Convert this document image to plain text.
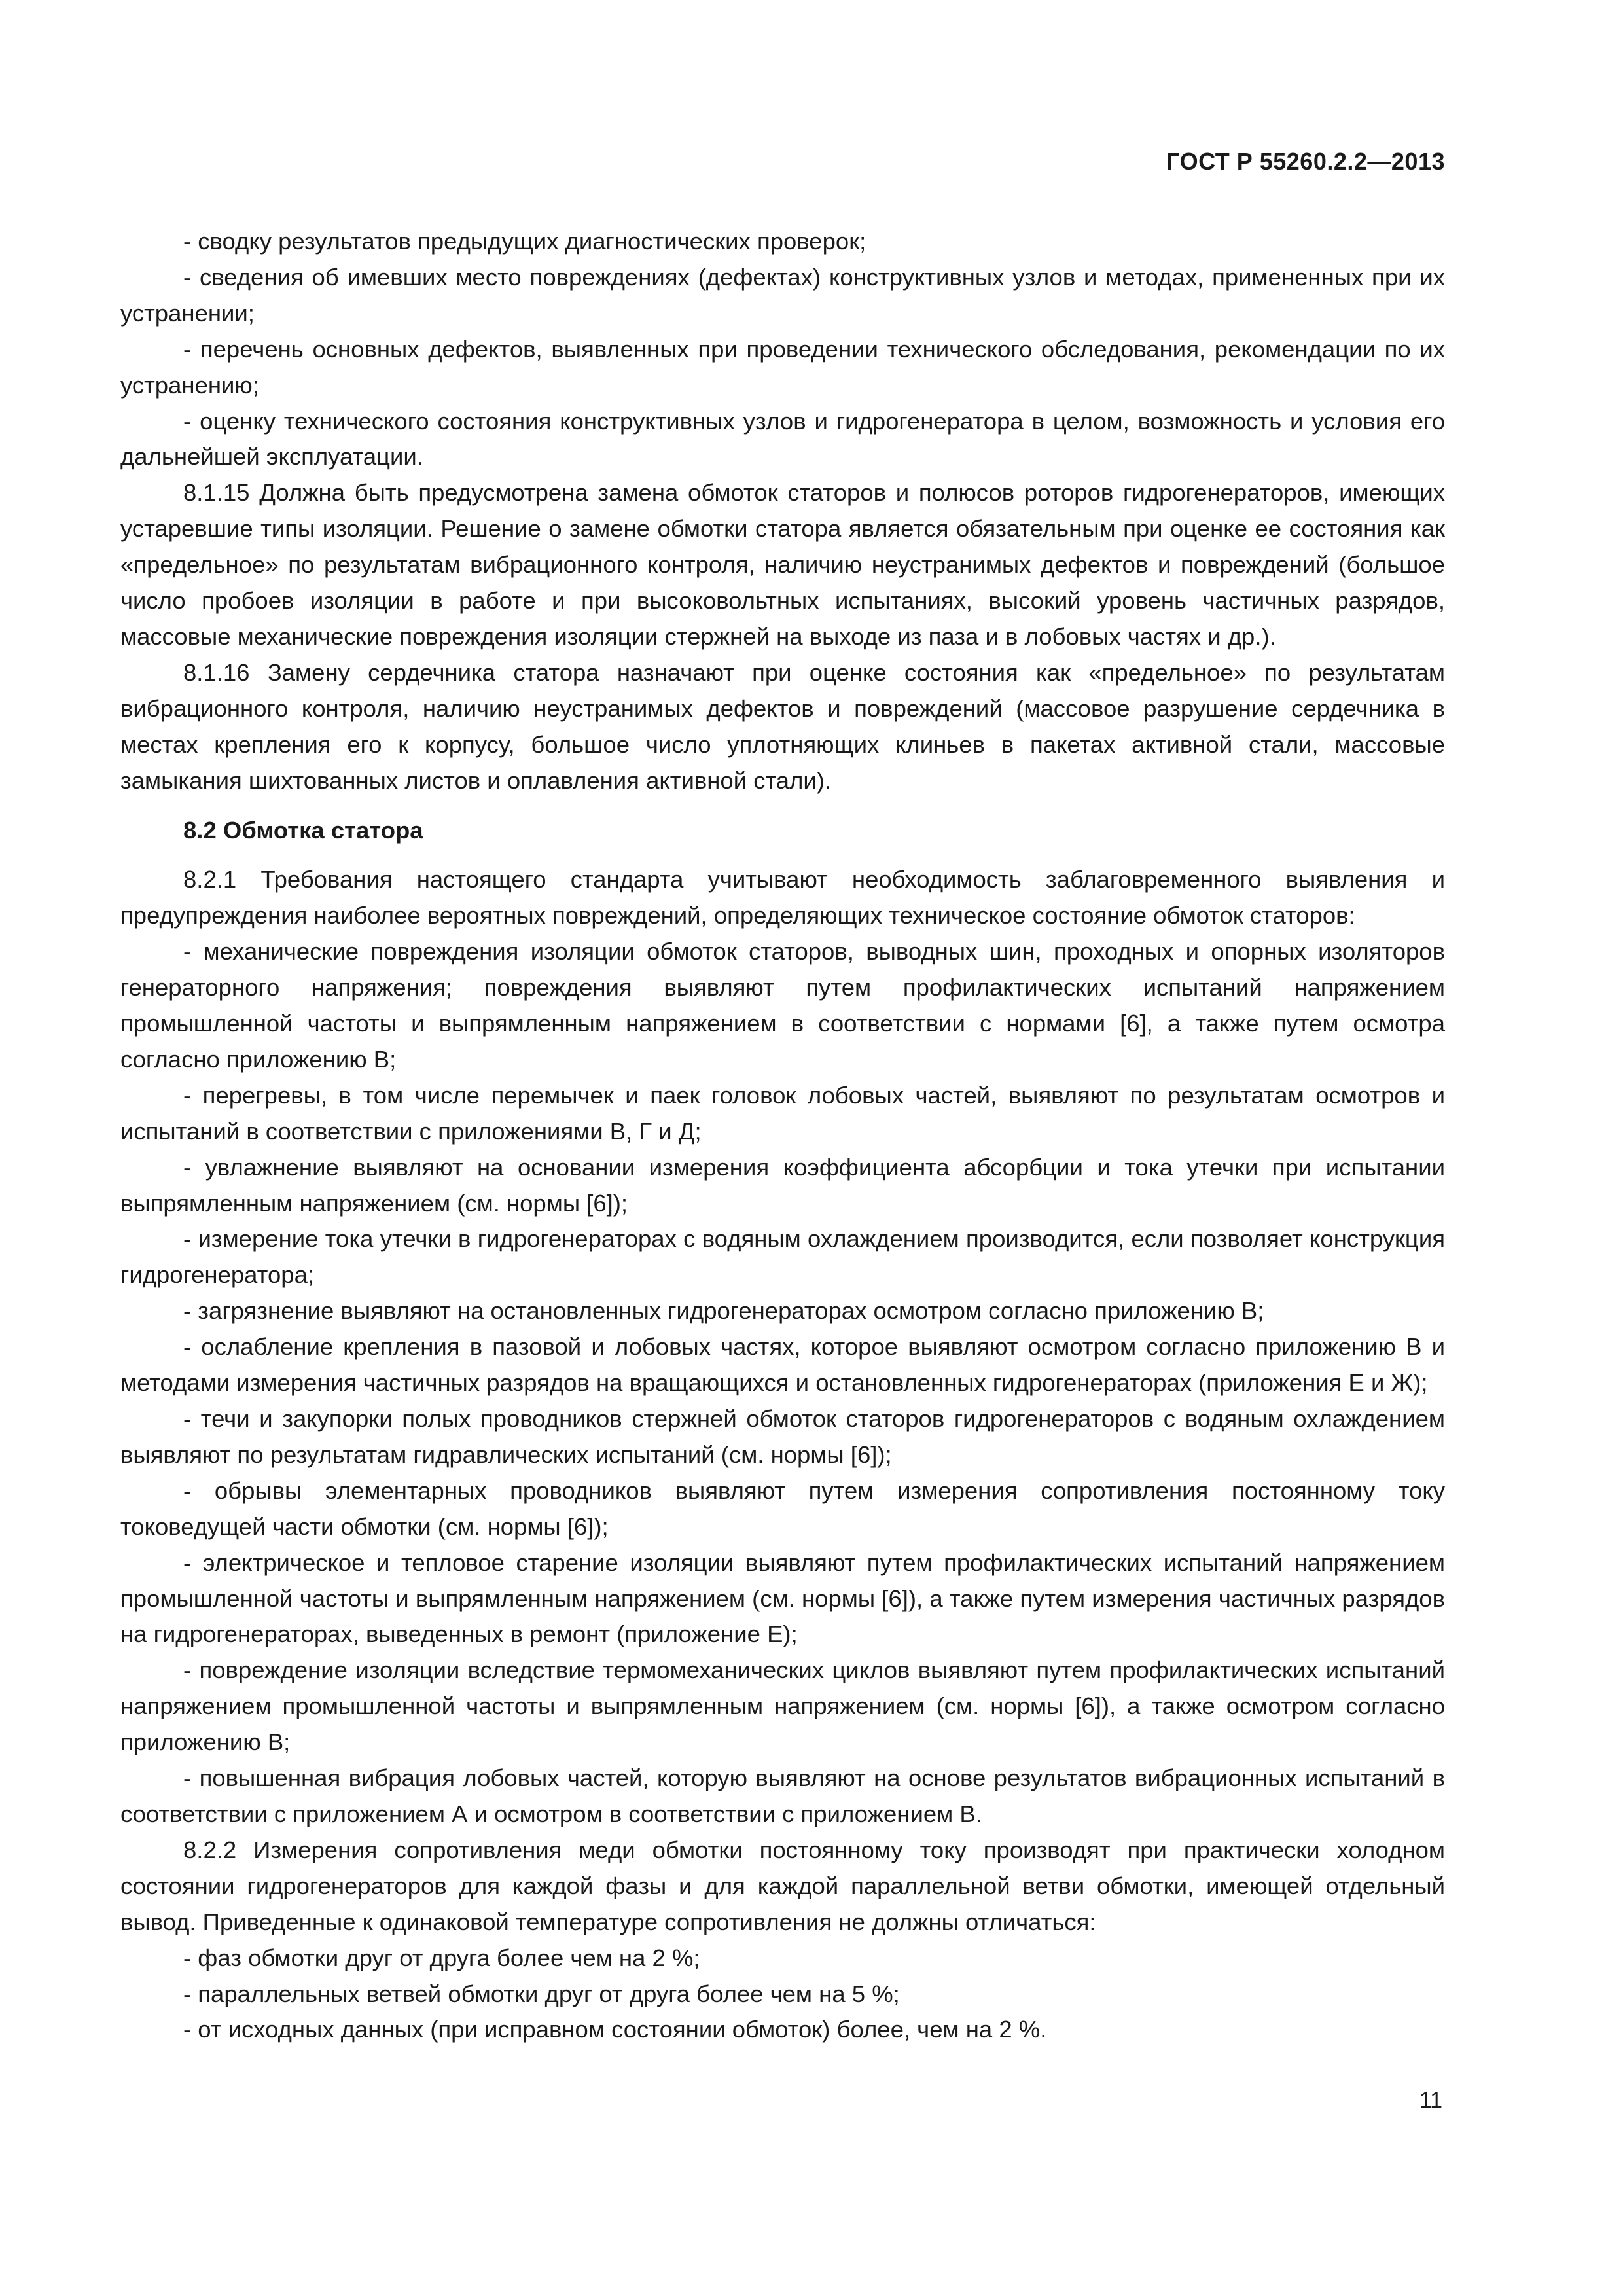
ГОСТ Р 55260.2.2—2013

- сводку результатов предыдущих диагностических проверок;

- сведения об имевших место повреждениях (дефектах) конструктивных узлов и методах, примененных при их устранении;

- перечень основных дефектов, выявленных при проведении технического обследования, рекомендации по их устранению;

- оценку технического состояния конструктивных узлов и гидрогенератора в целом, возможность и условия его дальнейшей эксплуатации.

8.1.15 Должна быть предусмотрена замена обмоток статоров и полюсов роторов гидрогенераторов, имеющих устаревшие типы изоляции. Решение о замене обмотки статора является обязательным при оценке ее состояния как «предельное» по результатам вибрационного контроля, наличию неустранимых дефектов и повреждений (большое число пробоев изоляции в работе и при высоковольтных испытаниях, высокий уровень частичных разрядов, массовые механические повреждения изоляции стержней на выходе из паза и в лобовых частях и др.).

8.1.16 Замену сердечника статора назначают при оценке состояния как «предельное» по результатам вибрационного контроля, наличию неустранимых дефектов и повреждений (массовое разрушение сердечника в местах крепления его к корпусу, большое число уплотняющих клиньев в пакетах активной стали, массовые замыкания шихтованных листов и оплавления активной стали).

8.2 Обмотка статора

8.2.1 Требования настоящего стандарта учитывают необходимость заблаговременного выявления и предупреждения наиболее вероятных повреждений, определяющих техническое состояние обмоток статоров:

- механические повреждения изоляции обмоток статоров, выводных шин, проходных и опорных изоляторов генераторного напряжения; повреждения выявляют путем профилактических испытаний напряжением промышленной частоты и выпрямленным напряжением в соответствии с нормами [6], а также путем осмотра согласно приложению В;

- перегревы, в том числе перемычек и паек головок лобовых частей, выявляют по результатам осмотров и испытаний в соответствии с приложениями В, Г и Д;

- увлажнение выявляют на основании измерения коэффициента абсорбции и тока утечки при испытании выпрямленным напряжением (см. нормы [6]);

- измерение тока утечки в гидрогенераторах с водяным охлаждением производится, если позволяет конструкция гидрогенератора;

- загрязнение выявляют на остановленных гидрогенераторах осмотром согласно приложению В;

- ослабление крепления в пазовой и лобовых частях, которое выявляют осмотром согласно приложению В и методами измерения частичных разрядов на вращающихся и остановленных гидрогенераторах (приложения Е и Ж);

- течи и закупорки полых проводников стержней обмоток статоров гидрогенераторов с водяным охлаждением выявляют по результатам гидравлических испытаний (см. нормы [6]);

- обрывы элементарных проводников выявляют путем измерения сопротивления постоянному току токоведущей части обмотки (см. нормы [6]);

- электрическое и тепловое старение изоляции выявляют путем профилактических испытаний напряжением промышленной частоты и выпрямленным напряжением (см. нормы [6]), а также путем измерения частичных разрядов на гидрогенераторах, выведенных в ремонт (приложение Е);

- повреждение изоляции вследствие термомеханических циклов выявляют путем профилактических испытаний напряжением промышленной частоты и выпрямленным напряжением (см. нормы [6]), а также осмотром согласно приложению В;

- повышенная вибрация лобовых частей, которую выявляют на основе результатов вибрационных испытаний в соответствии с приложением А и осмотром в соответствии с приложением В.

8.2.2 Измерения сопротивления меди обмотки постоянному току производят при практически холодном состоянии гидрогенераторов для каждой фазы и для каждой параллельной ветви обмотки, имеющей отдельный вывод. Приведенные к одинаковой температуре сопротивления не должны отличаться:

- фаз обмотки друг от друга более чем на 2 %;

- параллельных ветвей обмотки друг от друга более чем на 5 %;

- от исходных данных (при исправном состоянии обмоток) более, чем на 2 %.

11
